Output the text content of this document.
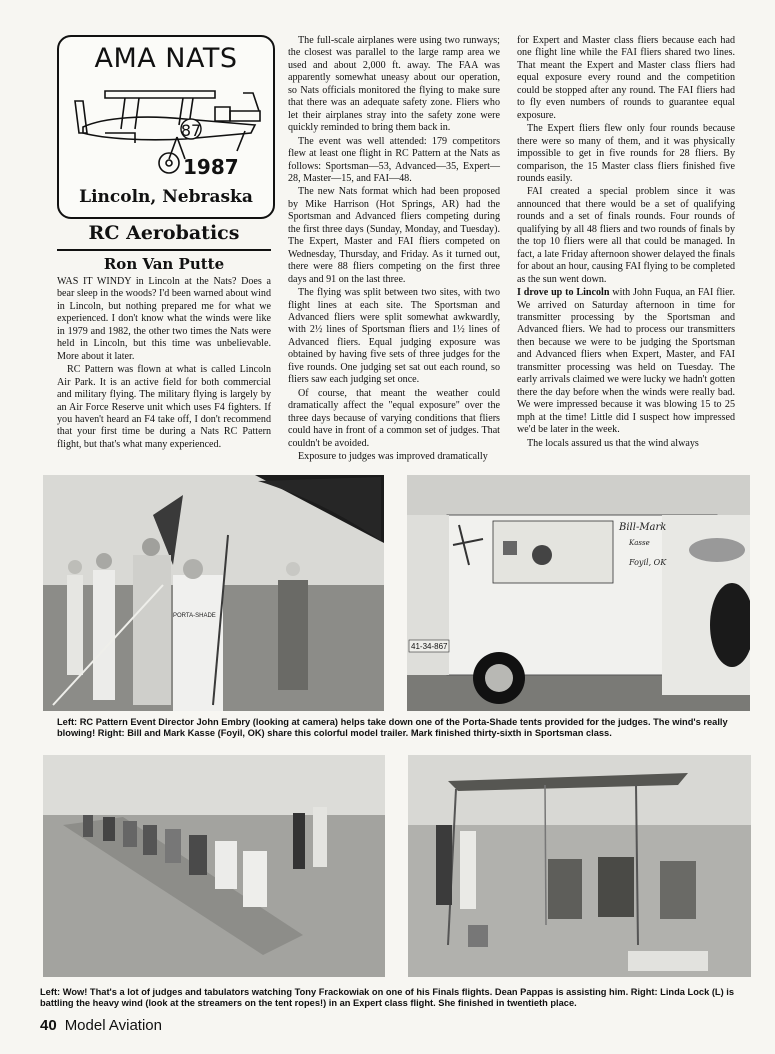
AMA NATS
87
1987
Lincoln, Nebraska
RC Aerobatics
Ron Van Putte

WAS IT WINDY in Lincoln at the Nats? Does a bear sleep in the woods? I'd been warned about wind in Lincoln, but nothing prepared me for what we experienced. I don't know what the winds were like in 1979 and 1982, the other two times the Nats were held in Lincoln, but this time was unbelievable. More about it later.

RC Pattern was flown at what is called Lincoln Air Park. It is an active field for both commercial and military flying. The military flying is largely by an Air Force Reserve unit which uses F4 fighters. If you haven't heard an F4 take off, I don't recommend that your first time be during a Nats RC Pattern flight, but that's what many experienced.

The full-scale airplanes were using two runways; the closest was parallel to the large ramp area we used and about 2,000 ft. away. The FAA was apparently somewhat uneasy about our operation, so Nats officials monitored the flying to make sure that there was an adequate safety zone. Fliers who let their airplanes stray into the safety zone were quickly reminded to bring them back in.

The event was well attended: 179 competitors flew at least one flight in RC Pattern at the Nats as follows: Sportsman—53, Advanced—35, Expert—28, Master—15, and FAI—48.

The new Nats format which had been proposed by Mike Harrison (Hot Springs, AR) had the Sportsman and Advanced fliers competing during the first three days (Sunday, Monday, and Tuesday). The Expert, Master and FAI fliers competed on Wednesday, Thursday, and Friday. As it turned out, there were 88 fliers competing on the first three days and 91 on the last three.

The flying was split between two sites, with two flight lines at each site. The Sportsman and Advanced fliers were split somewhat awkwardly, with 2½ lines of Sportsman fliers and 1½ lines of Advanced fliers. Equal judging exposure was obtained by having five sets of three judges for the five rounds. One judging set sat out each round, so fliers saw each judging set once.

Of course, that meant the weather could dramatically affect the "equal exposure" over the three days because of varying conditions that fliers could have in front of a common set of judges. That couldn't be avoided.

Exposure to judges was improved dramatically

for Expert and Master class fliers because each had one flight line while the FAI fliers shared two lines. That meant the Expert and Master class fliers had equal exposure every round and the competition could be stopped after any round. The FAI fliers had to fly even numbers of rounds to guarantee equal exposure.

The Expert fliers flew only four rounds because there were so many of them, and it was physically impossible to get in five rounds for 28 fliers. By comparison, the 15 Master class fliers finished five rounds easily.

FAI created a special problem since it was announced that there would be a set of qualifying rounds and a set of finals rounds. Four rounds of qualifying by all 48 fliers and two rounds of finals by the top 10 fliers were all that could be managed. In fact, a late Friday afternoon shower delayed the finals for about an hour, causing FAI flying to be completed as the sun went down.

I drove up to Lincoln with John Fuqua, an FAI flier. We arrived on Saturday afternoon in time for transmitter processing by the Sportsman and Advanced fliers. We had to process our transmitters then because we were to be judging the Sportsman and Advanced fliers when Expert, Master, and FAI transmitter processing was held on Tuesday. The early arrivals claimed we were lucky we hadn't gotten there the day before when the winds were really bad. We were impressed because it was blowing 15 to 25 mph at the time! Little did I suspect how impressed we'd be later in the week.

The locals assured us that the wind always

PORTA-SHADE
41-34-867
Bill-Mark
Kasse
Foyil, OK
Left: RC Pattern Event Director John Embry (looking at camera) helps take down one of the Porta-Shade tents provided for the judges. The wind's really blowing! Right: Bill and Mark Kasse (Foyil, OK) share this colorful model trailer. Mark finished thirty-sixth in Sportsman class.
Left: Wow! That's a lot of judges and tabulators watching Tony Frackowiak on one of his Finals flights. Dean Pappas is assisting him. Right: Linda Lock (L) is battling the heavy wind (look at the streamers on the tent ropes!) in an Expert class flight. She finished in twentieth place.
40 Model Aviation
